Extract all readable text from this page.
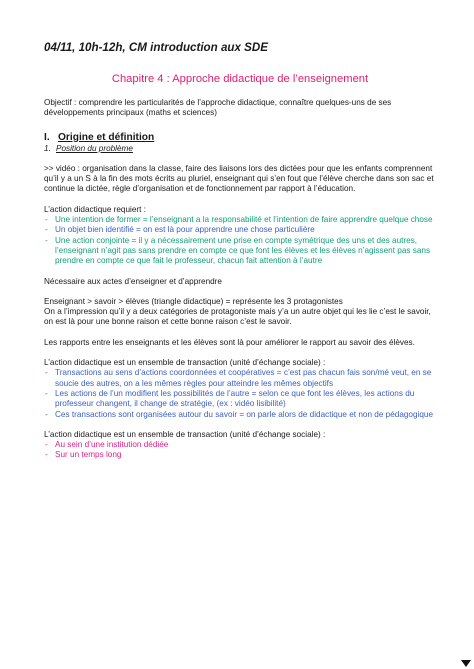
04/11, 10h-12h, CM introduction aux SDE

Chapitre 4 : Approche didactique de l’enseignement

Objectif : comprendre les particularités de l’approche didactique, connaître quelques-uns de ses développements principaux (maths et sciences)

I. Origine et définition
1. Position du problème

>> vidéo : organisation dans la classe, faire des liaisons lors des dictées pour que les enfants comprennent qu’il y a un S à la fin des mots écrits au pluriel, enseignant qui s’en fout que l’élève cherche dans son sac et continue la dictée, règle d’organisation et de fonctionnement par rapport à l’éducation.

L’action didactique requiert :

- Une intention de former = l’enseignant a la responsabilité et l’intention de faire apprendre quelque chose
- Un objet bien identifié = on est là pour apprendre une chose particulière
- Une action conjointe = il y a nécessairement une prise en compte symétrique des uns et des autres, l’enseignant n’agit pas sans prendre en compte ce que font les élèves et les élèves n’agissent pas sans prendre en compte ce que fait le professeur, chacun fait attention à l’autre

Nécessaire aux actes d’enseigner et d’apprendre

Enseignant > savoir > élèves (triangle didactique) = représente les 3 protagonistes

On a l’impression qu’il y a deux catégories de protagoniste mais y’a un autre objet qui les lie c’est le savoir, on est là pour une bonne raison et cette bonne raison c’est le savoir.

Les rapports entre les enseignants et les élèves sont là pour améliorer le rapport au savoir des élèves.

L’action didactique est un ensemble de transaction (unité d’échange sociale) :

- Transactions au sens d’actions coordonnées et coopératives = c’est pas chacun fais son/mé veut, en se soucie des autres, on a les mêmes règles pour atteindre les mêmes objectifs
- Les actions de l’un modifient les possibilités de l’autre = selon ce que font les élèves, les actions du professeur changent, il change de stratégie, (ex : vidéo lisibilité)
- Ces transactions sont organisées autour du savoir = on parle alors de didactique et non de pédagogique

L’action didactique est un ensemble de transaction (unité d’échange sociale) :

- Au sein d’une institution dédiée
- Sur un temps long
